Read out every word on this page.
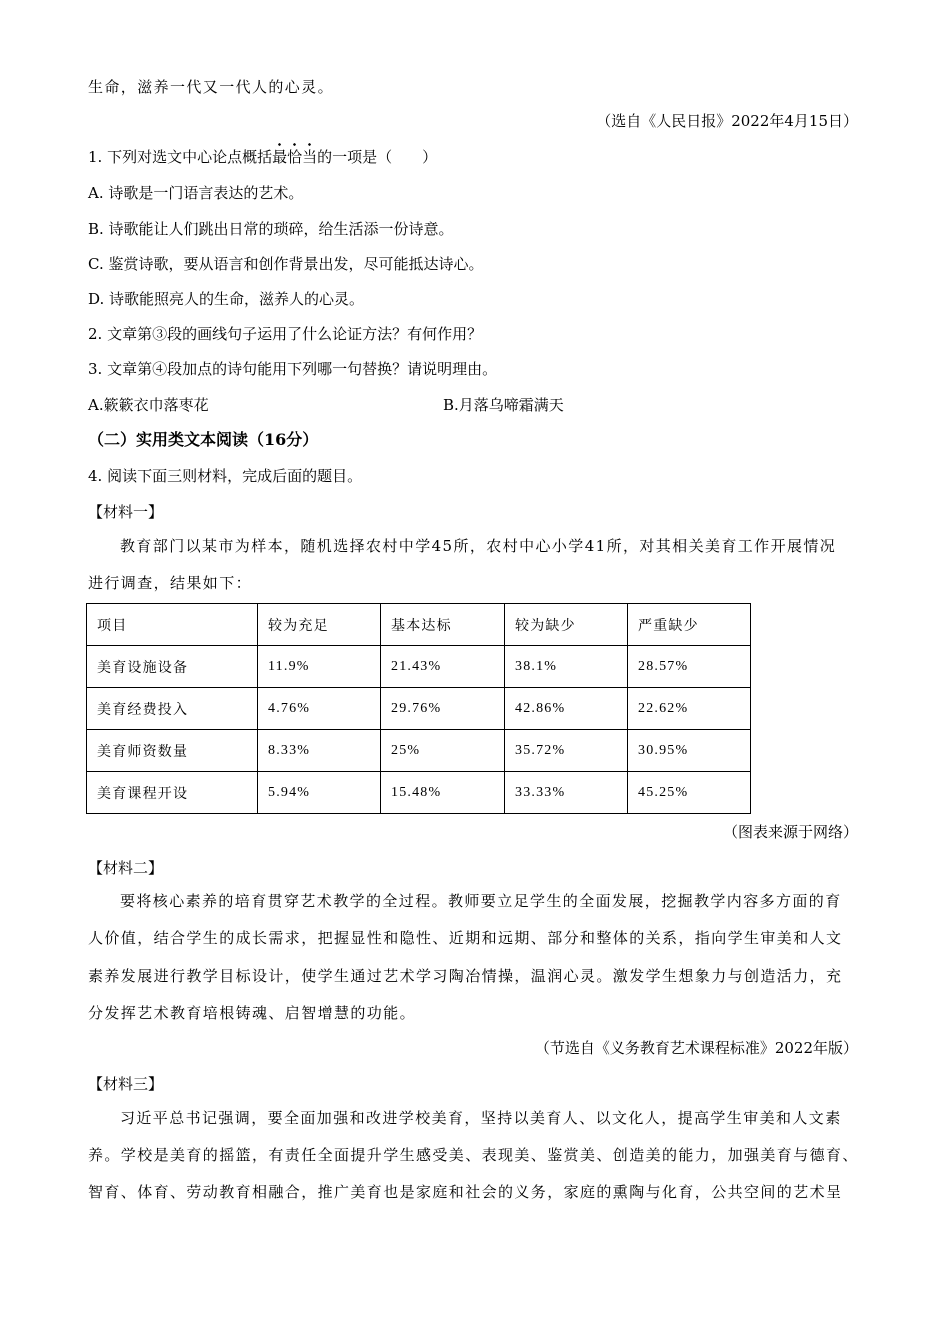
生命，滋养一代又一代人的心灵。
（选自《人民日报》2022年4月15日）
1. 下列对选文中心论点概括最恰当的一项是（　　）
A. 诗歌是一门语言表达的艺术。
B. 诗歌能让人们跳出日常的琐碎，给生活添一份诗意。
C. 鉴赏诗歌，要从语言和创作背景出发，尽可能抵达诗心。
D. 诗歌能照亮人的生命，滋养人的心灵。
2. 文章第③段的画线句子运用了什么论证方法？有何作用？
3. 文章第④段加点的诗句能用下列哪一句替换？请说明理由。
A.簌簌衣巾落枣花	B.月落乌啼霜满天
（二）实用类文本阅读（16分）
4. 阅读下面三则材料，完成后面的题目。
【材料一】
教育部门以某市为样本，随机选择农村中学45所，农村中心小学41所，对其相关美育工作开展情况
进行调查，结果如下：
项目	较为充足	基本达标	较为缺少	严重缺少
美育设施设备	11.9%	21.43%	38.1%	28.57%
美育经费投入	4.76%	29.76%	42.86%	22.62%
美育师资数量	8.33%	25%	35.72%	30.95%
美育课程开设	5.94%	15.48%	33.33%	45.25%
（图表来源于网络）
【材料二】
要将核心素养的培育贯穿艺术教学的全过程。教师要立足学生的全面发展，挖掘教学内容多方面的育
人价值，结合学生的成长需求，把握显性和隐性、近期和远期、部分和整体的关系，指向学生审美和人文
素养发展进行教学目标设计，使学生通过艺术学习陶冶情操，温润心灵。激发学生想象力与创造活力，充
分发挥艺术教育培根铸魂、启智增慧的功能。
（节选自《义务教育艺术课程标准》2022年版）
【材料三】
习近平总书记强调，要全面加强和改进学校美育，坚持以美育人、以文化人，提高学生审美和人文素
养。学校是美育的摇篮，有责任全面提升学生感受美、表现美、鉴赏美、创造美的能力，加强美育与德育、
智育、体育、劳动教育相融合，推广美育也是家庭和社会的义务，家庭的熏陶与化育，公共空间的艺术呈
